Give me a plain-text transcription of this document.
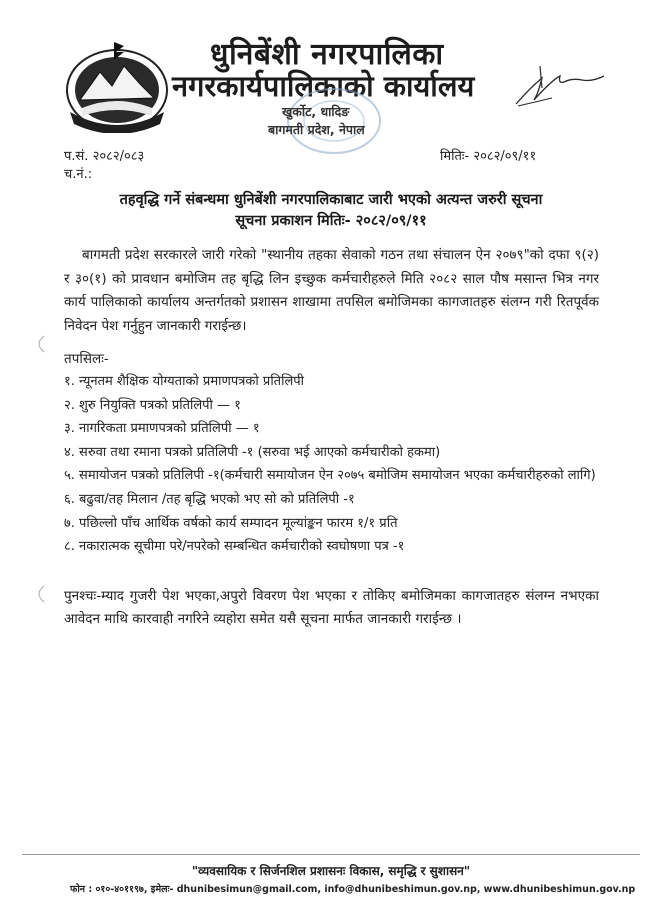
धुनिबेंशी नगरपालिका
नगरकार्यपालिकाको कार्यालय
खुर्कोट, धादिङ
बागमती प्रदेश, नेपाल
प.सं. २०८२/०८३
च.नं.:
मितिः- २०८२/०९/११
तहवृद्धि गर्ने संबन्धमा धुनिबेंशी नगरपालिकाबाट जारी भएको अत्यन्त जरुरी सूचना
सूचना प्रकाशन मितिः- २०८२/०९/११

बागमती प्रदेश सरकारले जारी गरेको "स्थानीय तहका सेवाको गठन तथा संचालन ऐन २०७९"को दफा ९(२) र ३०(१) को प्रावधान बमोजिम तह बृद्धि लिन इच्छुक कर्मचारीहरुले मिति २०८२ साल पौष मसान्त भित्र नगर कार्य पालिकाको कार्यालय अन्तर्गतको प्रशासन शाखामा तपसिल बमोजिमका कागजातहरु संलग्न गरी रितपूर्वक निवेदन पेश गर्नुहुन जानकारी गराईन्छ।

तपसिलः-
१. न्यूनतम शैक्षिक योग्यताको प्रमाणपत्रको प्रतिलिपी
२. शुरु नियुक्ति पत्रको प्रतिलिपी — १
३. नागरिकता प्रमाणपत्रको प्रतिलिपी — १
४. सरुवा तथा रमाना पत्रको प्रतिलिपी -१ (सरुवा भई आएको कर्मचारीको हकमा)
५. समायोजन पत्रको प्रतिलिपी -१(कर्मचारी समायोजन ऐन २०७५ बमोजिम समायोजन भएका कर्मचारीहरुको लागि)
६. बढुवा/तह मिलान /तह बृद्धि भएको भए सो को प्रतिलिपी -१
७. पछिल्लो पाँच आर्थिक वर्षको कार्य सम्पादन मूल्यांङ्कन फारम १/१ प्रति
८. नकारात्मक सूचीमा परे/नपरेको सम्बन्धित कर्मचारीको स्वघोषणा पत्र -१
पुनश्चः-म्याद गुजरी पेश भएका,अपुरो विवरण पेश भएका र तोकिए बमोजिमका कागजातहरु संलग्न नभएका आवेदन माथि कारवाही नगरिने व्यहोरा समेत यसै सूचना मार्फत जानकारी गराईन्छ ।
"व्यवसायिक र सिर्जनशिल प्रशासनः विकास, समृद्धि र सुशासन"
फोन : ०१०-४०११९७, इमेलः- dhunibesimun@gmail.com, info@dhunibeshimun.gov.np, www.dhunibeshimun.gov.np
